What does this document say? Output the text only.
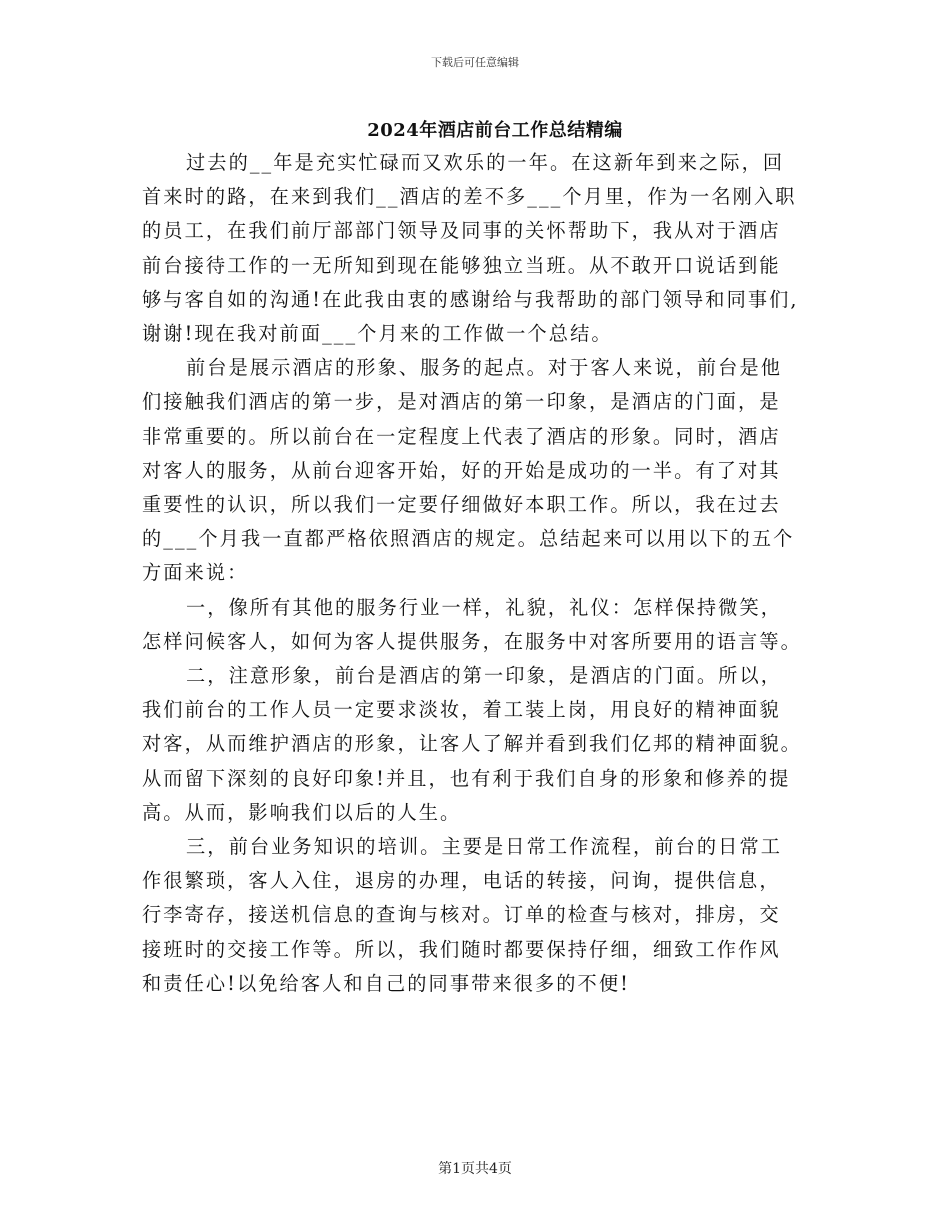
下载后可任意编辑
2024年酒店前台工作总结精编

过去的__年是充实忙碌而又欢乐的一年。在这新年到来之际，回
首来时的路，在来到我们__酒店的差不多___个月里，作为一名刚入职
的员工，在我们前厅部部门领导及同事的关怀帮助下，我从对于酒店
前台接待工作的一无所知到现在能够独立当班。从不敢开口说话到能
够与客自如的沟通!在此我由衷的感谢给与我帮助的部门领导和同事们,
谢谢!现在我对前面___个月来的工作做一个总结。

前台是展示酒店的形象、服务的起点。对于客人来说，前台是他
们接触我们酒店的第一步，是对酒店的第一印象，是酒店的门面，是
非常重要的。所以前台在一定程度上代表了酒店的形象。同时，酒店
对客人的服务，从前台迎客开始，好的开始是成功的一半。有了对其
重要性的认识，所以我们一定要仔细做好本职工作。所以，我在过去
的___个月我一直都严格依照酒店的规定。总结起来可以用以下的五个
方面来说：

一，像所有其他的服务行业一样，礼貌，礼仪：怎样保持微笑，
怎样问候客人，如何为客人提供服务，在服务中对客所要用的语言等。

二，注意形象，前台是酒店的第一印象，是酒店的门面。所以，
我们前台的工作人员一定要求淡妆，着工装上岗，用良好的精神面貌
对客，从而维护酒店的形象，让客人了解并看到我们亿邦的精神面貌。
从而留下深刻的良好印象!并且，也有利于我们自身的形象和修养的提
高。从而，影响我们以后的人生。

三，前台业务知识的培训。主要是日常工作流程，前台的日常工
作很繁琐，客人入住，退房的办理，电话的转接，问询，提供信息，
行李寄存，接送机信息的查询与核对。订单的检查与核对，排房，交
接班时的交接工作等。所以，我们随时都要保持仔细，细致工作作风
和责任心!以免给客人和自己的同事带来很多的不便!

第1页共4页
